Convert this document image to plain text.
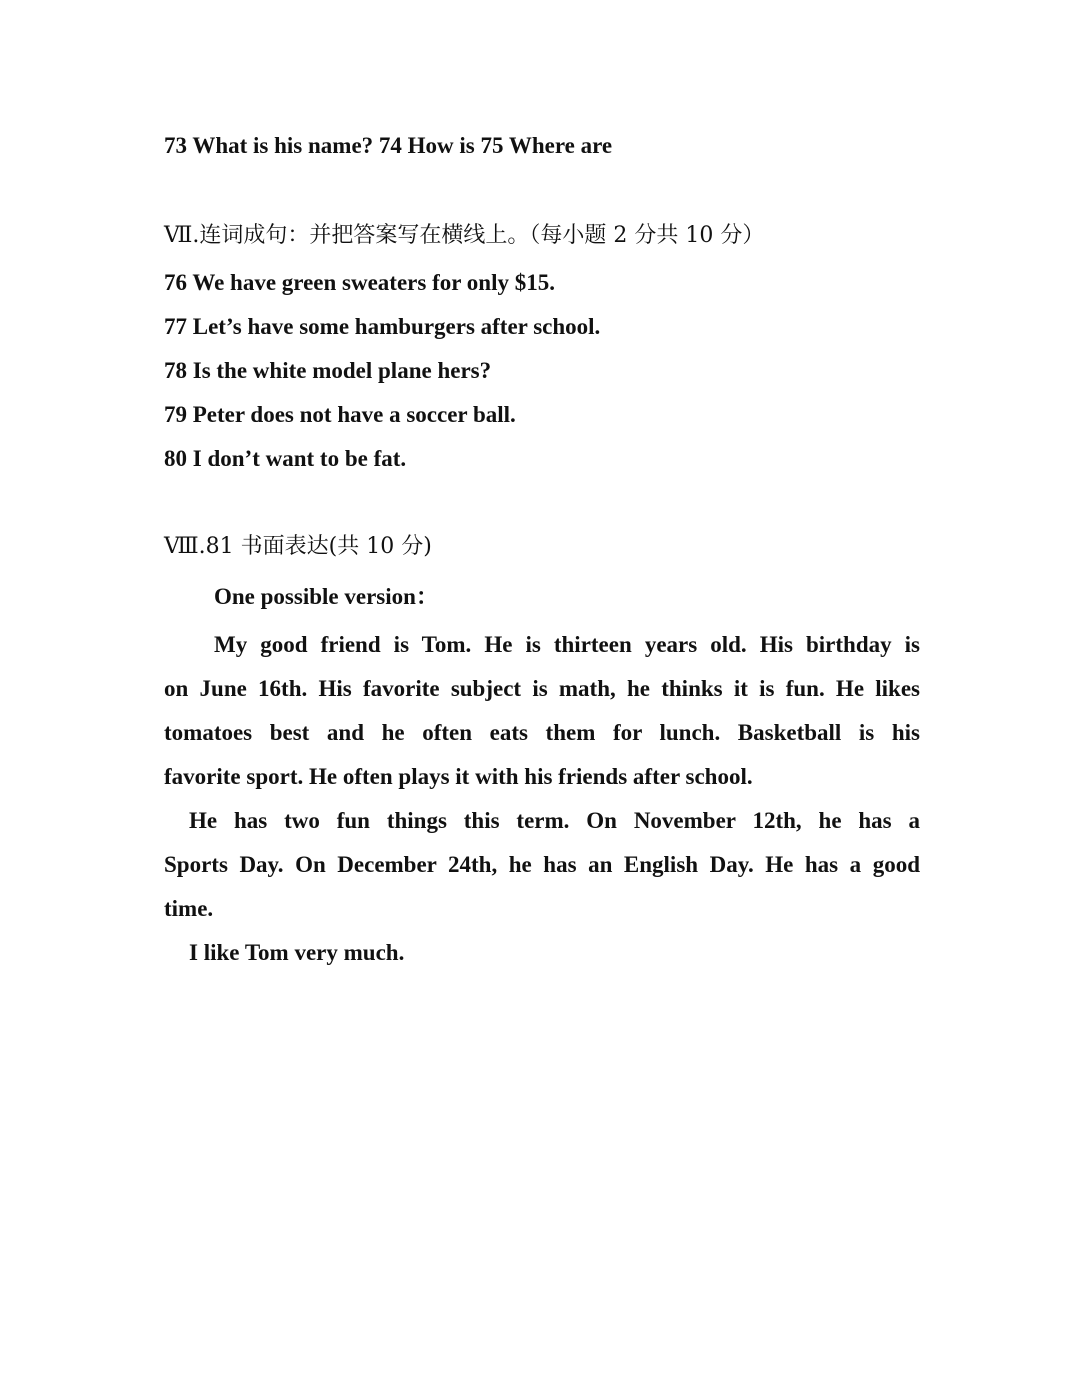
73 What is his name? 74 How is 75 Where are
Ⅶ.连词成句：并把答案写在横线上。（每小题 2 分共 10 分）
76 We have green sweaters for only $15.
77 Let’s have some hamburgers after school.
78 Is the white model plane hers?
79 Peter does not have a soccer ball.
80 I don’t want to be fat.
Ⅷ.81 书面表达(共 10 分)
One possible version：
My good friend is Tom. He is thirteen years old. His birthday is
on June 16th. His favorite subject is math, he thinks it is fun. He likes
tomatoes best and he often eats them for lunch. Basketball is his
favorite sport. He often plays it with his friends after school.
He has two fun things this term. On November 12th, he has a
Sports Day. On December 24th, he has an English Day. He has a good
time.
I like Tom very much.
